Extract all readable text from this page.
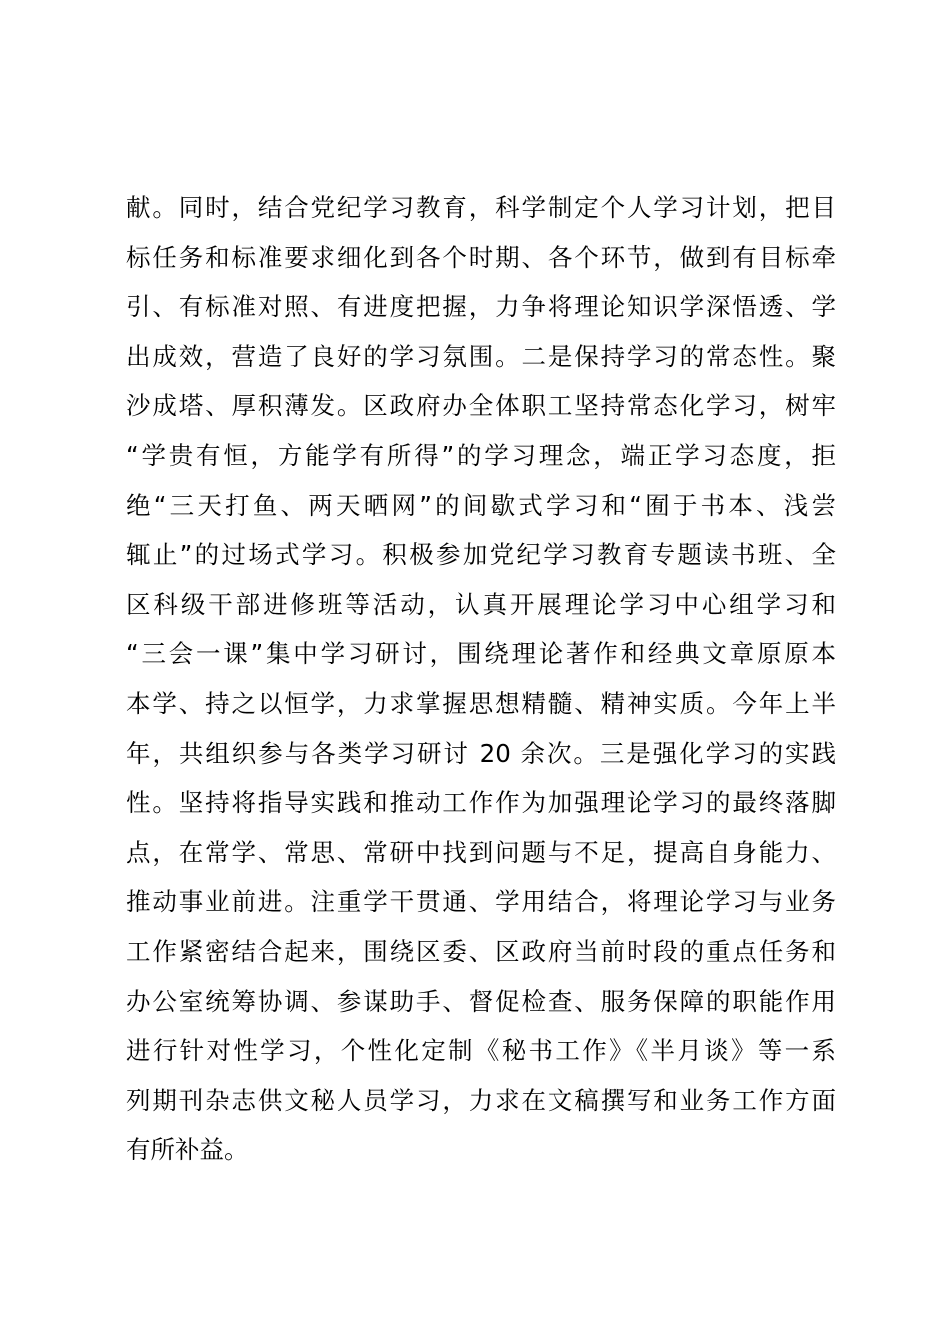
献。同时，结合党纪学习教育，科学制定个人学习计划，把目
标任务和标准要求细化到各个时期、各个环节，做到有目标牵
引、有标准对照、有进度把握，力争将理论知识学深悟透、学
出成效，营造了良好的学习氛围。二是保持学习的常态性。聚
沙成塔、厚积薄发。区政府办全体职工坚持常态化学习，树牢
“学贵有恒，方能学有所得”的学习理念，端正学习态度，拒
绝“三天打鱼、两天晒网”的间歇式学习和“囿于书本、浅尝
辄止”的过场式学习。积极参加党纪学习教育专题读书班、全
区科级干部进修班等活动，认真开展理论学习中心组学习和
“三会一课”集中学习研讨，围绕理论著作和经典文章原原本
本学、持之以恒学，力求掌握思想精髓、精神实质。今年上半
年，共组织参与各类学习研讨 20 余次。三是强化学习的实践
性。坚持将指导实践和推动工作作为加强理论学习的最终落脚
点，在常学、常思、常研中找到问题与不足，提高自身能力、
推动事业前进。注重学干贯通、学用结合，将理论学习与业务
工作紧密结合起来，围绕区委、区政府当前时段的重点任务和
办公室统筹协调、参谋助手、督促检查、服务保障的职能作用
进行针对性学习，个性化定制《秘书工作》《半月谈》等一系
列期刊杂志供文秘人员学习，力求在文稿撰写和业务工作方面
有所补益。
